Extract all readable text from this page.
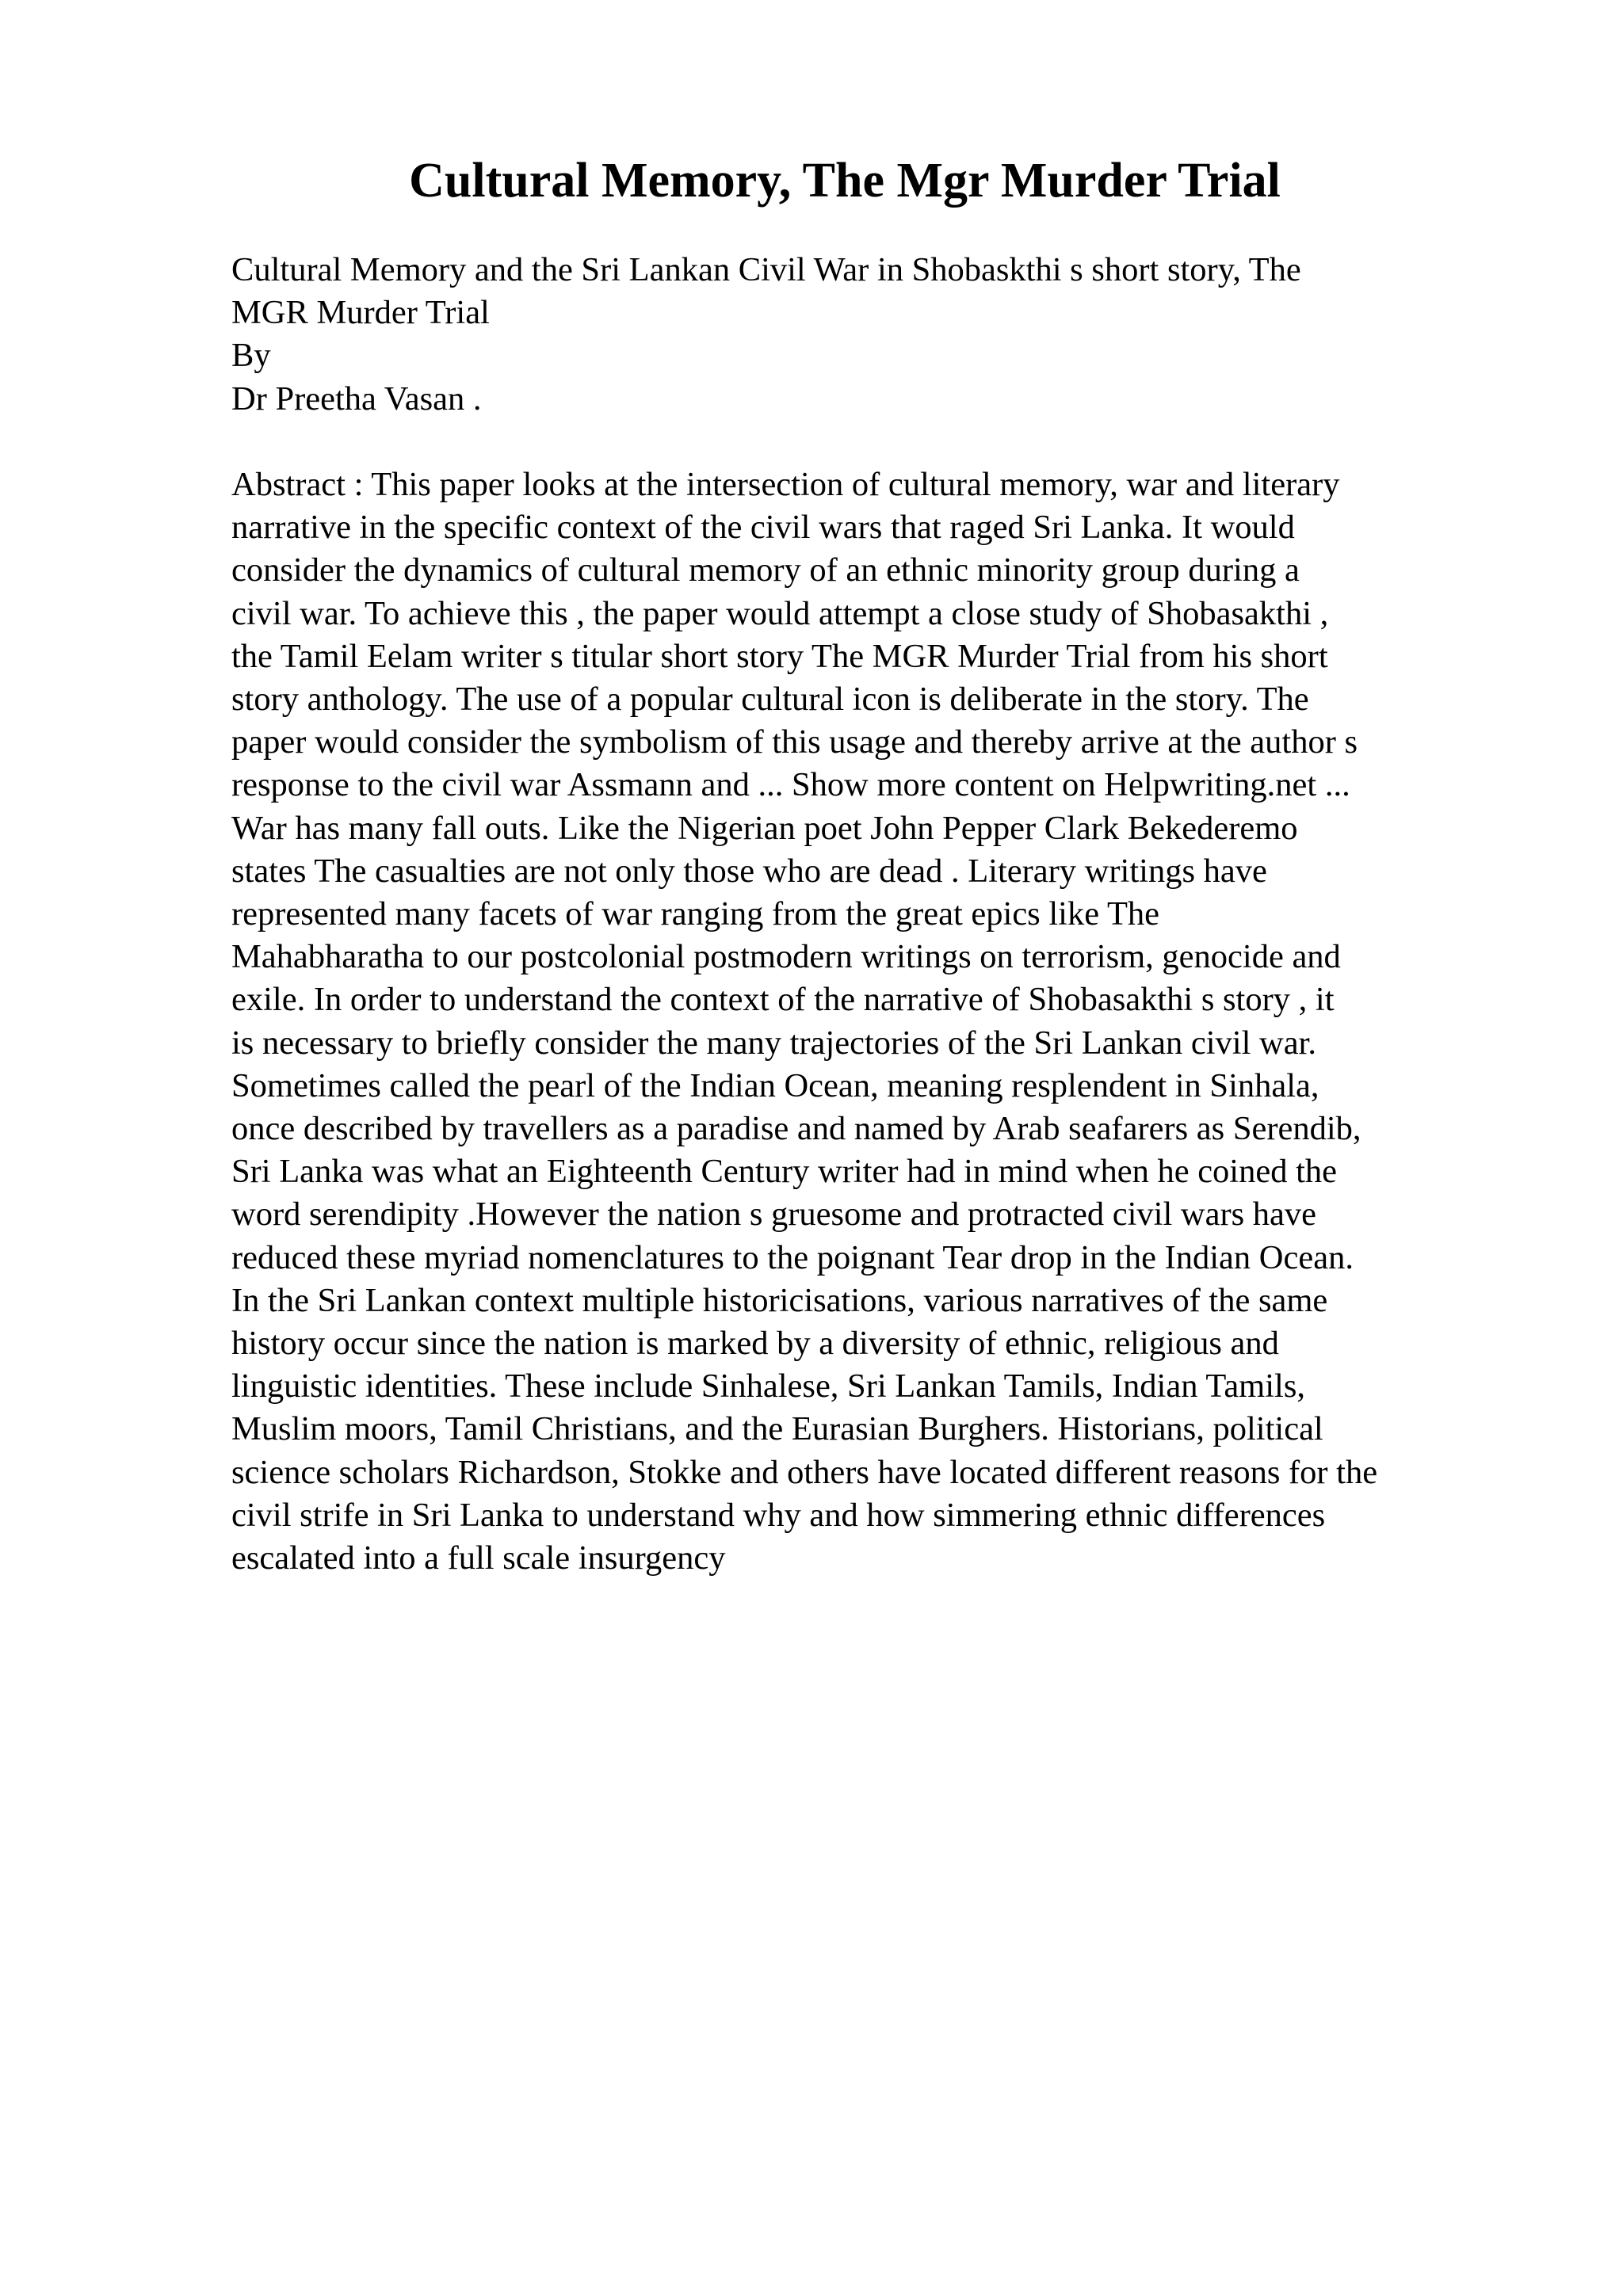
Cultural Memory, The Mgr Murder Trial
Cultural Memory and the Sri Lankan Civil War in Shobaskthi s short story, The
MGR Murder Trial
By
Dr Preetha Vasan .
Abstract : This paper looks at the intersection of cultural memory, war and literary
narrative in the specific context of the civil wars that raged Sri Lanka. It would
consider the dynamics of cultural memory of an ethnic minority group during a
civil war. To achieve this , the paper would attempt a close study of Shobasakthi ,
the Tamil Eelam writer s titular short story The MGR Murder Trial from his short
story anthology. The use of a popular cultural icon is deliberate in the story. The
paper would consider the symbolism of this usage and thereby arrive at the author s
response to the civil war Assmann and ... Show more content on Helpwriting.net ...
War has many fall outs. Like the Nigerian poet John Pepper Clark Bekederemo
states The casualties are not only those who are dead . Literary writings have
represented many facets of war ranging from the great epics like The
Mahabharatha to our postcolonial postmodern writings on terrorism, genocide and
exile. In order to understand the context of the narrative of Shobasakthi s story , it
is necessary to briefly consider the many trajectories of the Sri Lankan civil war.
Sometimes called the pearl of the Indian Ocean, meaning resplendent in Sinhala,
once described by travellers as a paradise and named by Arab seafarers as Serendib,
Sri Lanka was what an Eighteenth Century writer had in mind when he coined the
word serendipity .However the nation s gruesome and protracted civil wars have
reduced these myriad nomenclatures to the poignant Tear drop in the Indian Ocean.
In the Sri Lankan context multiple historicisations, various narratives of the same
history occur since the nation is marked by a diversity of ethnic, religious and
linguistic identities. These include Sinhalese, Sri Lankan Tamils, Indian Tamils,
Muslim moors, Tamil Christians, and the Eurasian Burghers. Historians, political
science scholars Richardson, Stokke and others have located different reasons for the
civil strife in Sri Lanka to understand why and how simmering ethnic differences
escalated into a full scale insurgency
